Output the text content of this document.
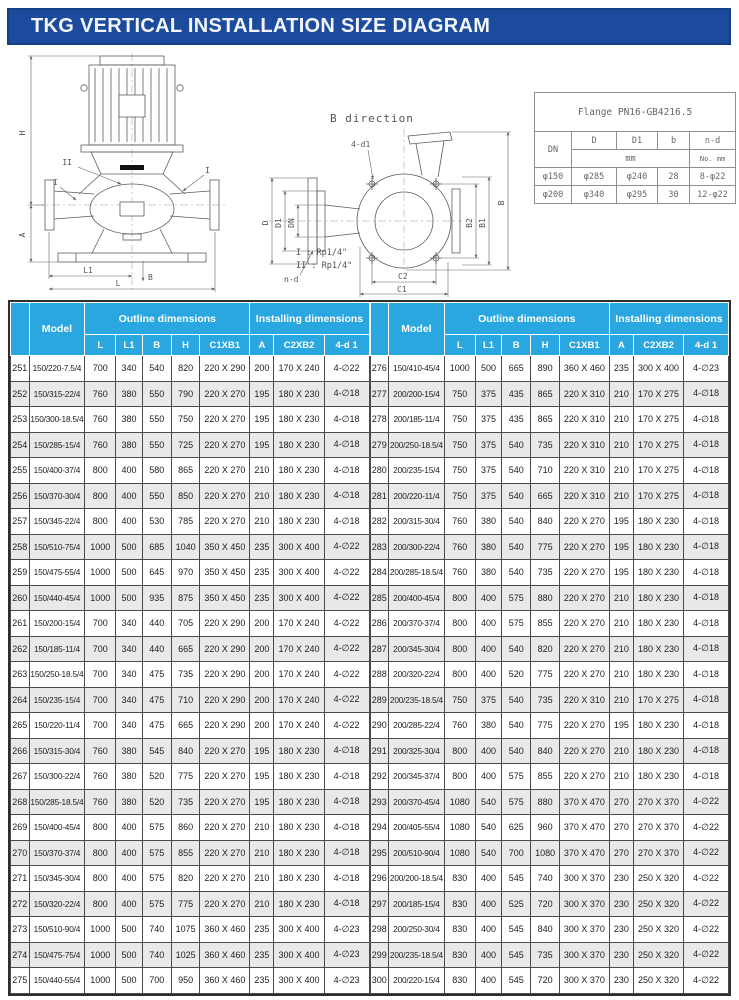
TKG VERTICAL INSTALLATION SIZE DIAGRAM
H
A
L1
L
B
II
I
I
B direction
D D1 DN
n-d
4-d1
C2
C1
B2 B1
B
I : Rp1/4"
II : Rp1/4"
Flange PN16-GB4216.5				
DN	D	D1	b	n-d
	mm			No. mm
φ150	φ285	φ240	28	8-φ22
φ200	φ340	φ295	30	12-φ22
	Model	Outline dimensions					Installing dimensions		
		L	L1	B	H	C1XB1	A	C2XB2	4-d 1
251	150/220-7.5/4	700	340	540	820	220 X 290	200	170 X 240	4-∅22
252	150/315-22/4	760	380	550	790	220 X 270	195	180 X 230	4-∅18
253	150/300-18.5/4	760	380	550	750	220 X 270	195	180 X 230	4-∅18
254	150/285-15/4	760	380	550	725	220 X 270	195	180 X 230	4-∅18
255	150/400-37/4	800	400	580	865	220 X 270	210	180 X 230	4-∅18
256	150/370-30/4	800	400	550	850	220 X 270	210	180 X 230	4-∅18
257	150/345-22/4	800	400	530	785	220 X 270	210	180 X 230	4-∅18
258	150/510-75/4	1000	500	685	1040	350 X 450	235	300 X 400	4-∅22
259	150/475-55/4	1000	500	645	970	350 X 450	235	300 X 400	4-∅22
260	150/440-45/4	1000	500	935	875	350 X 450	235	300 X 400	4-∅22
261	150/200-15/4	700	340	440	705	220 X 290	200	170 X 240	4-∅22
262	150/185-11/4	700	340	440	665	220 X 290	200	170 X 240	4-∅22
263	150/250-18.5/4	700	340	475	735	220 X 290	200	170 X 240	4-∅22
264	150/235-15/4	700	340	475	710	220 X 290	200	170 X 240	4-∅22
265	150/220-11/4	700	340	475	665	220 X 290	200	170 X 240	4-∅22
266	150/315-30/4	760	380	545	840	220 X 270	195	180 X 230	4-∅18
267	150/300-22/4	760	380	520	775	220 X 270	195	180 X 230	4-∅18
268	150/285-18.5/4	760	380	520	735	220 X 270	195	180 X 230	4-∅18
269	150/400-45/4	800	400	575	860	220 X 270	210	180 X 230	4-∅18
270	150/370-37/4	800	400	575	855	220 X 270	210	180 X 230	4-∅18
271	150/345-30/4	800	400	575	820	220 X 270	210	180 X 230	4-∅18
272	150/320-22/4	800	400	575	775	220 X 270	210	180 X 230	4-∅18
273	150/510-90/4	1000	500	740	1075	360 X 460	235	300 X 400	4-∅23
274	150/475-75/4	1000	500	740	1025	360 X 460	235	300 X 400	4-∅23
275	150/440-55/4	1000	500	700	950	360 X 460	235	300 X 400	4-∅23
	Model	Outline dimensions					Installing dimensions		
		L	L1	B	H	C1XB1	A	C2XB2	4-d 1
276	150/410-45/4	1000	500	665	890	360 X 460	235	300 X 400	4-∅23
277	200/200-15/4	750	375	435	865	220 X 310	210	170 X 275	4-∅18
278	200/185-11/4	750	375	435	865	220 X 310	210	170 X 275	4-∅18
279	200/250-18.5/4	750	375	540	735	220 X 310	210	170 X 275	4-∅18
280	200/235-15/4	750	375	540	710	220 X 310	210	170 X 275	4-∅18
281	200/220-11/4	750	375	540	665	220 X 310	210	170 X 275	4-∅18
282	200/315-30/4	760	380	540	840	220 X 270	195	180 X 230	4-∅18
283	200/300-22/4	760	380	540	775	220 X 270	195	180 X 230	4-∅18
284	200/285-18.5/4	760	380	540	735	220 X 270	195	180 X 230	4-∅18
285	200/400-45/4	800	400	575	880	220 X 270	210	180 X 230	4-∅18
286	200/370-37/4	800	400	575	855	220 X 270	210	180 X 230	4-∅18
287	200/345-30/4	800	400	540	820	220 X 270	210	180 X 230	4-∅18
288	200/320-22/4	800	400	520	775	220 X 270	210	180 X 230	4-∅18
289	200/235-18.5/4	750	375	540	735	220 X 310	210	170 X 275	4-∅18
290	200/285-22/4	760	380	540	775	220 X 270	195	180 X 230	4-∅18
291	200/325-30/4	800	400	540	840	220 X 270	210	180 X 230	4-∅18
292	200/345-37/4	800	400	575	855	220 X 270	210	180 X 230	4-∅18
293	200/370-45/4	1080	540	575	880	370 X 470	270	270 X 370	4-∅22
294	200/405-55/4	1080	540	625	960	370 X 470	270	270 X 370	4-∅22
295	200/510-90/4	1080	540	700	1080	370 X 470	270	270 X 370	4-∅22
296	200/200-18.5/4	830	400	545	740	300 X 370	230	250 X 320	4-∅22
297	200/185-15/4	830	400	525	720	300 X 370	230	250 X 320	4-∅22
298	200/250-30/4	830	400	545	840	300 X 370	230	250 X 320	4-∅22
299	200/235-18.5/4	830	400	545	735	300 X 370	230	250 X 320	4-∅22
300	200/220-15/4	830	400	545	720	300 X 370	230	250 X 320	4-∅22
